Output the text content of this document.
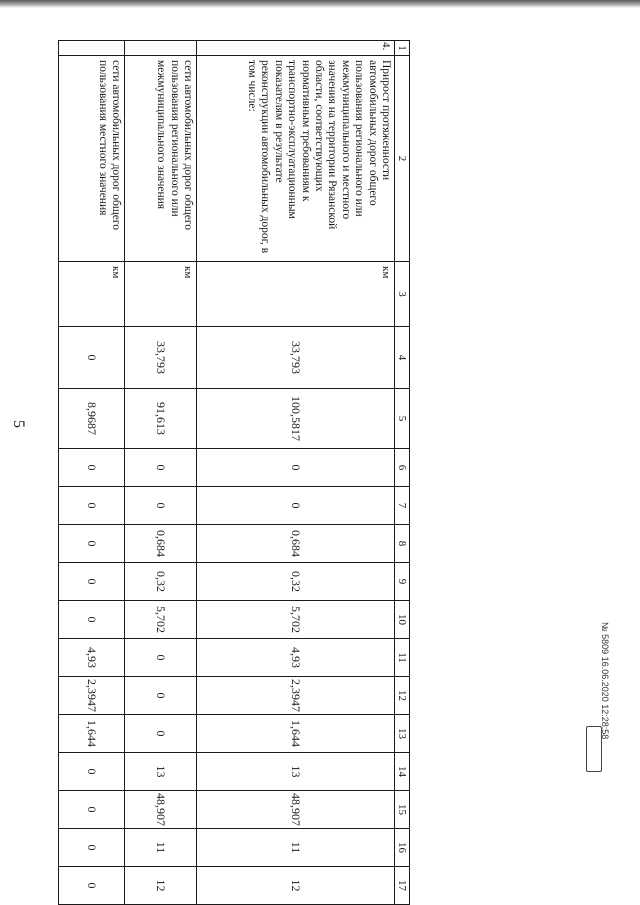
5
1	2	3	4	5	6	7	8	9	10	11	12	13	14	15	16	17
4.	Прирост протяженности автомобильных дорог общего пользования регионального или межмуниципального и местного значения на территории Рязанской области, соответствующих нормативным требованиям к транспортно-эксплуатационным показателям в результате реконструкции автомобильных дорог, в том числе:	км	33,793	100,5817	0	0	0,684	0,32	5,702	4,93	2,3947	1,644	13	48,907	11	12
	сети автомобильных дорог общего пользования регионального или межмуниципального значения	км	33,793	91,613	0	0	0,684	0,32	5,702	0	0	0	13	48,907	11	12
	сети автомобильных дорог общего пользования местного значения	км	0	8,9687	0	0	0	0	0	4,93	2,3947	1,644	0	0	0	0
№ 5809 16.06.2020 12:28:58
